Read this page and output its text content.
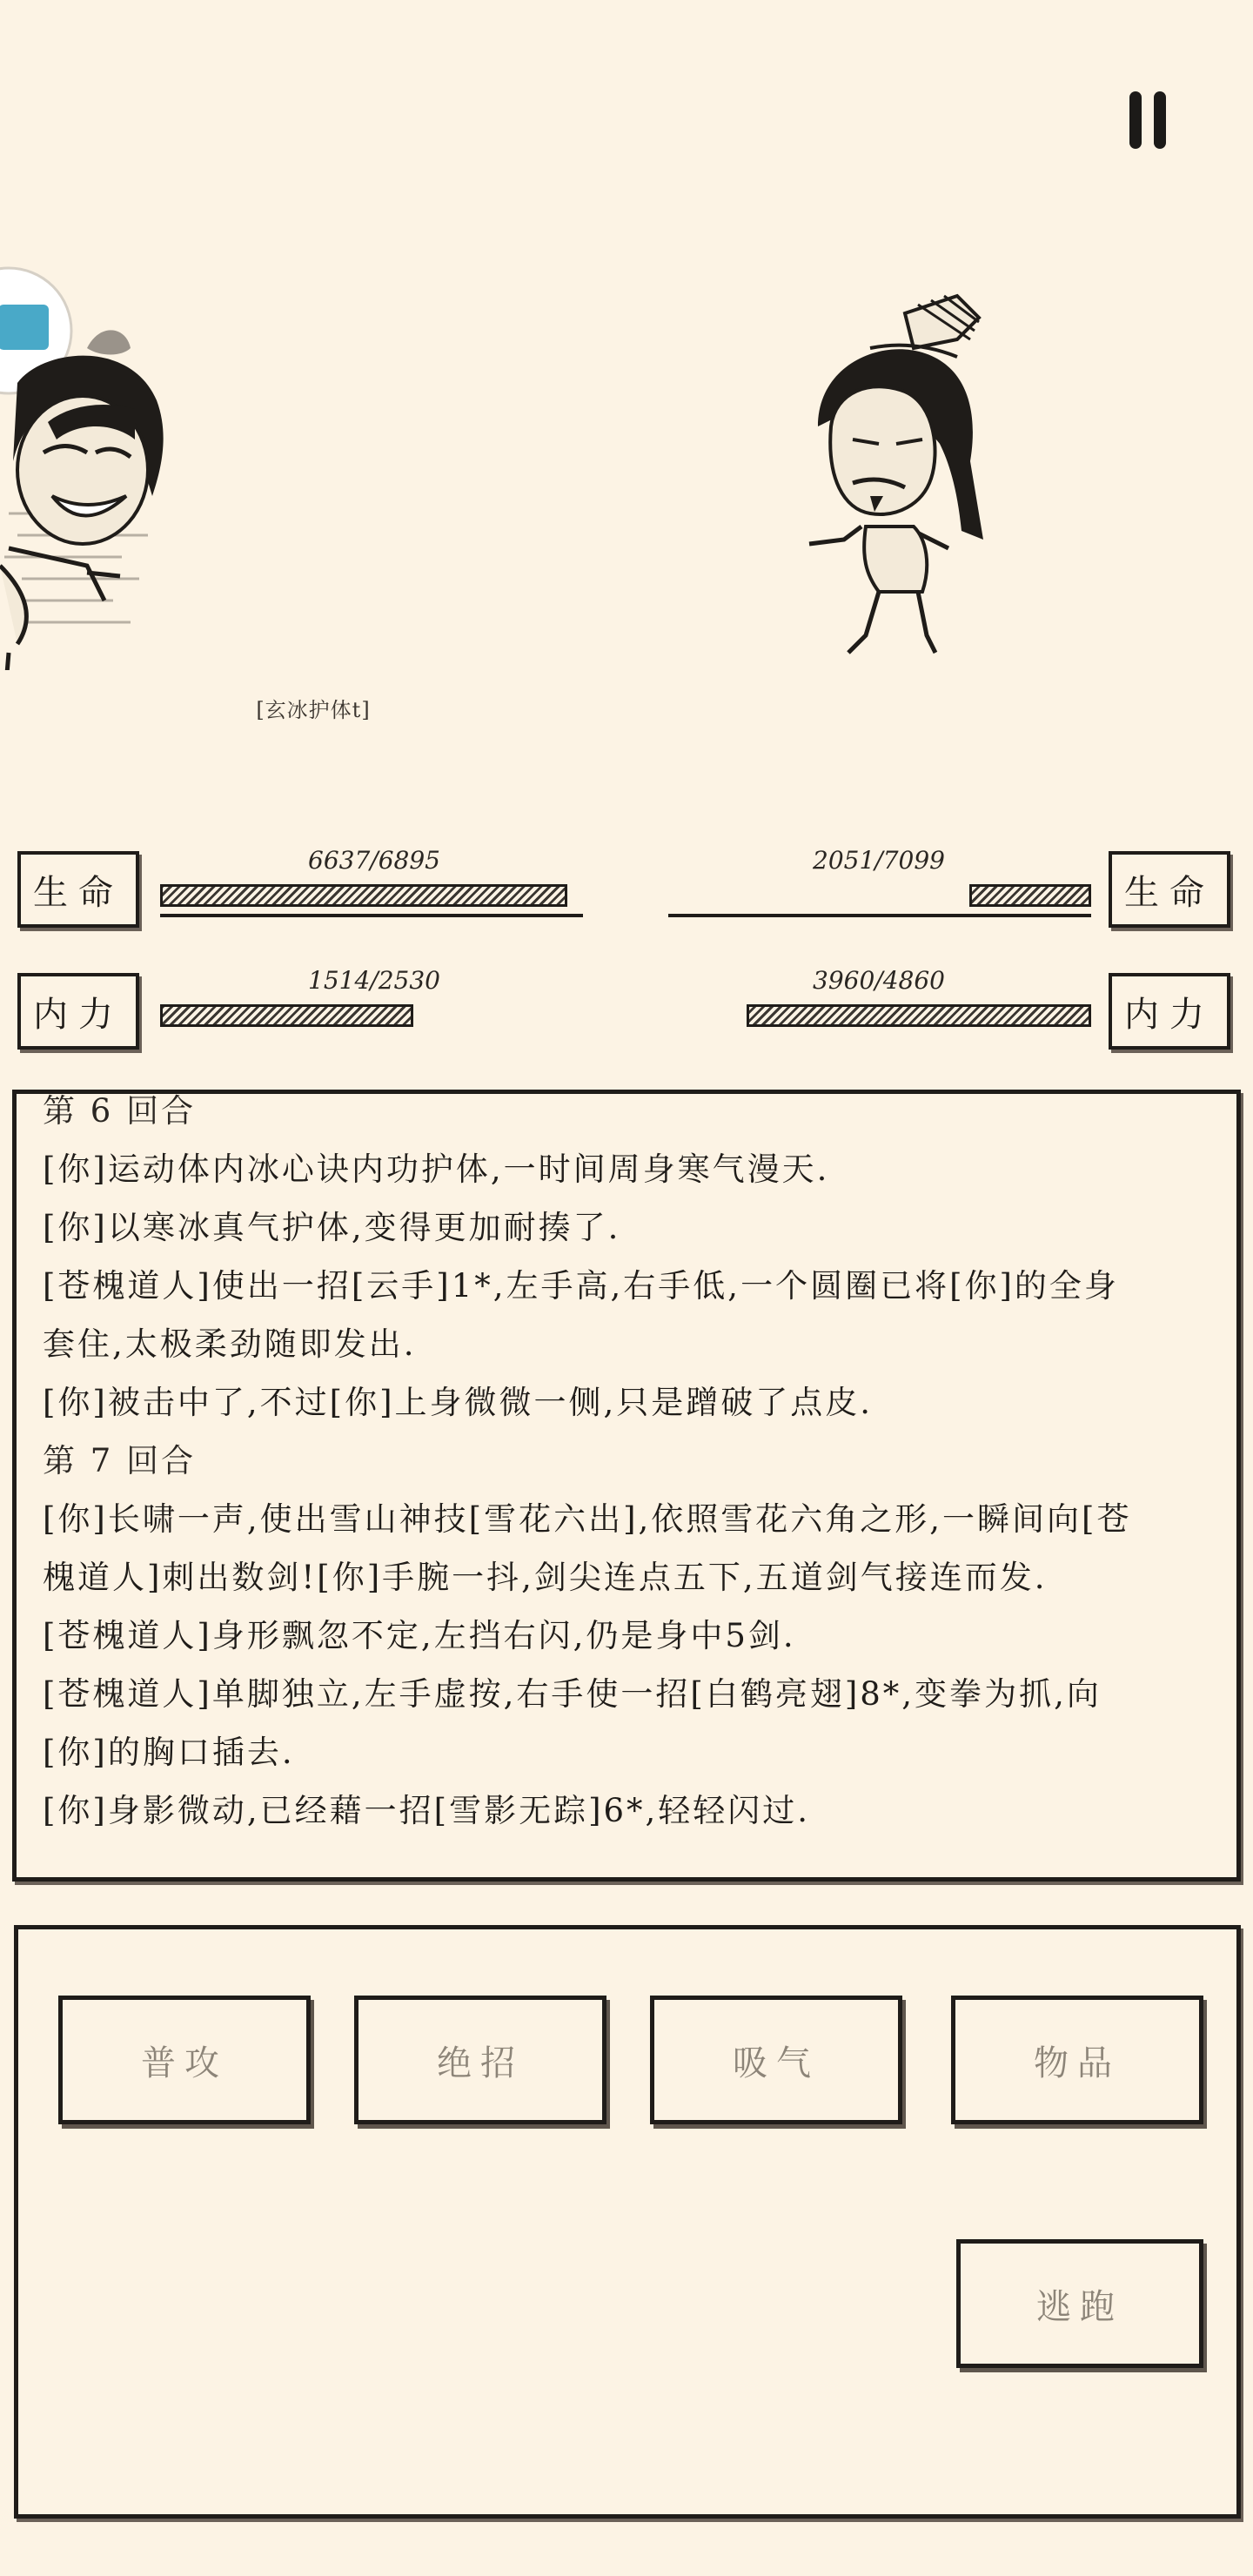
[玄冰护体t]
生命
6637/6895
生命
2051/7099
内力
1514/2530
内力
3960/4860
第 6 回合
[你]运动体内冰心诀内功护体,一时间周身寒气漫天.
[你]以寒冰真气护体,变得更加耐揍了.
[苍槐道人]使出一招[云手]1*,左手高,右手低,一个圆圈已将[你]的全身
套住,太极柔劲随即发出.
[你]被击中了,不过[你]上身微微一侧,只是蹭破了点皮.
第 7 回合
[你]长啸一声,使出雪山神技[雪花六出],依照雪花六角之形,一瞬间向[苍
槐道人]刺出数剑![你]手腕一抖,剑尖连点五下,五道剑气接连而发.
[苍槐道人]身形飘忽不定,左挡右闪,仍是身中5剑.
[苍槐道人]单脚独立,左手虚按,右手使一招[白鹤亮翅]8*,变拳为抓,向
[你]的胸口插去.
[你]身影微动,已经藉一招[雪影无踪]6*,轻轻闪过.
普攻	绝招	吸气	物品
逃跑
